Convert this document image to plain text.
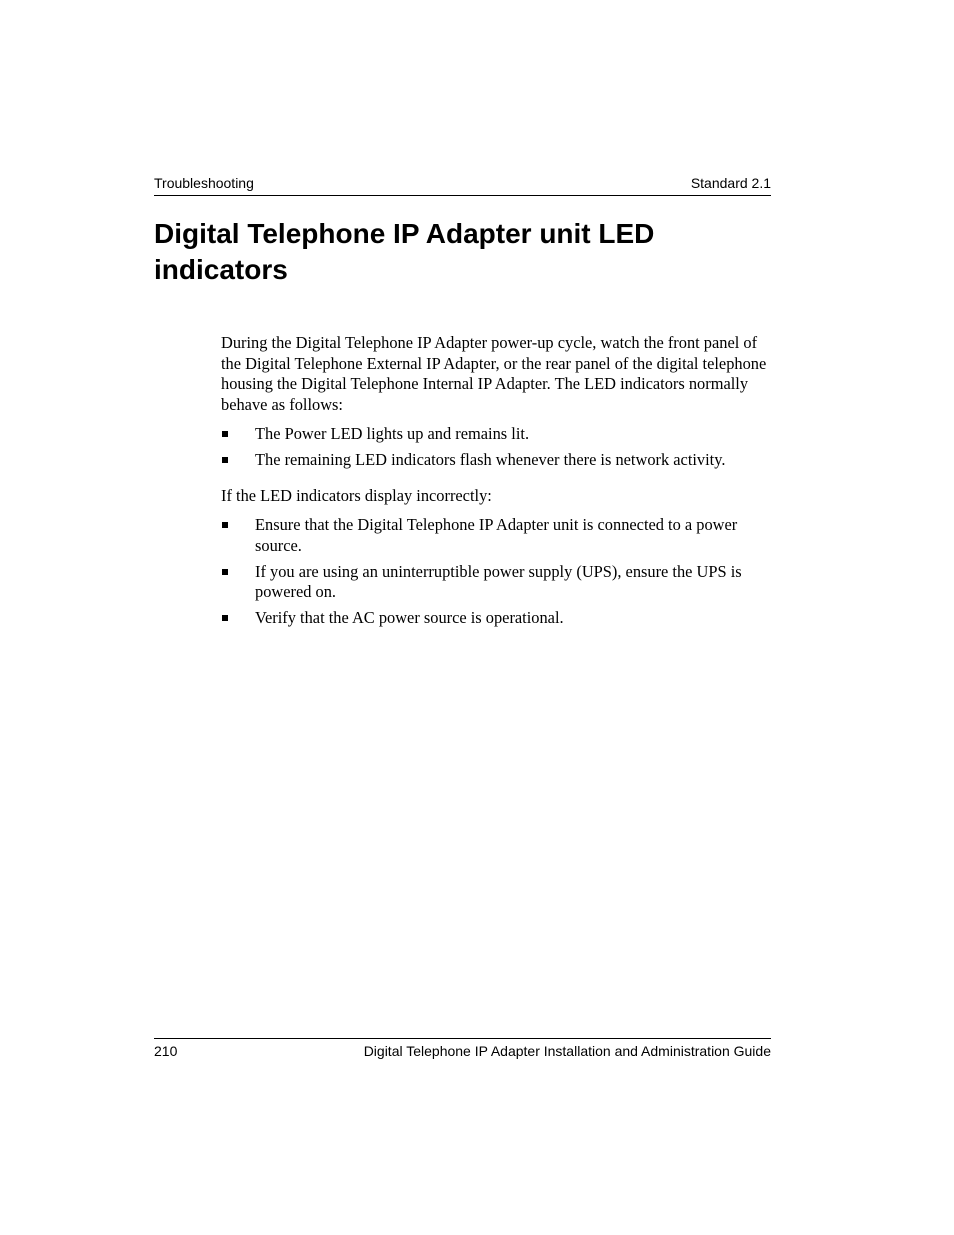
Troubleshooting	Standard 2.1
Digital Telephone IP Adapter unit LED indicators

During the Digital Telephone IP Adapter power-up cycle, watch the front panel of the Digital Telephone External IP Adapter, or the rear panel of the digital telephone housing the Digital Telephone Internal IP Adapter. The LED indicators normally behave as follows:

The Power LED lights up and remains lit.
The remaining LED indicators flash whenever there is network activity.

If the LED indicators display incorrectly:

Ensure that the Digital Telephone IP Adapter unit is connected to a power source.
If you are using an uninterruptible power supply (UPS), ensure the UPS is powered on.
Verify that the AC power source is operational.
210	Digital Telephone IP Adapter Installation and Administration Guide
